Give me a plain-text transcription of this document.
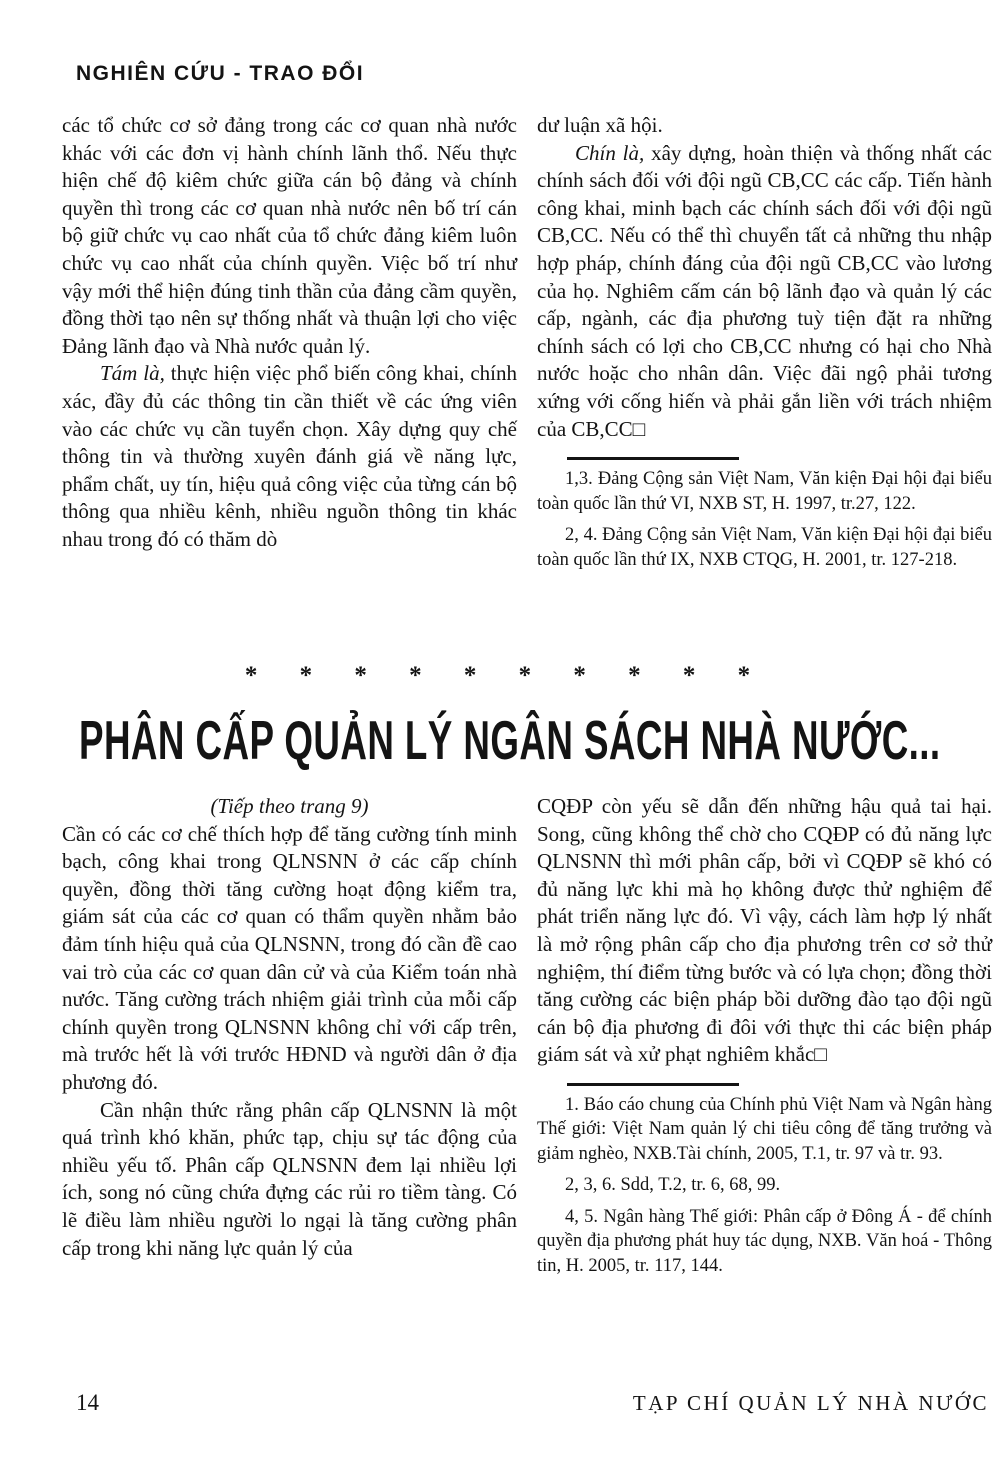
NGHIÊN CỨU - TRAO ĐỔI

các tổ chức cơ sở đảng trong các cơ quan nhà nước khác với các đơn vị hành chính lãnh thổ. Nếu thực hiện chế độ kiêm chức giữa cán bộ đảng và chính quyền thì trong các cơ quan nhà nước nên bố trí cán bộ giữ chức vụ cao nhất của tổ chức đảng kiêm luôn chức vụ cao nhất của chính quyền. Việc bố trí như vậy mới thể hiện đúng tinh thần của đảng cầm quyền, đồng thời tạo nên sự thống nhất và thuận lợi cho việc Đảng lãnh đạo và Nhà nước quản lý.

Tám là, thực hiện việc phổ biến công khai, chính xác, đầy đủ các thông tin cần thiết về các ứng viên vào các chức vụ cần tuyển chọn. Xây dựng quy chế thông tin và thường xuyên đánh giá về năng lực, phẩm chất, uy tín, hiệu quả công việc của từng cán bộ thông qua nhiều kênh, nhiều nguồn thông tin khác nhau trong đó có thăm dò

dư luận xã hội.

Chín là, xây dựng, hoàn thiện và thống nhất các chính sách đối với đội ngũ CB,CC các cấp. Tiến hành công khai, minh bạch các chính sách đối với đội ngũ CB,CC. Nếu có thể thì chuyển tất cả những thu nhập hợp pháp, chính đáng của đội ngũ CB,CC vào lương của họ. Nghiêm cấm cán bộ lãnh đạo và quản lý các cấp, ngành, các địa phương tuỳ tiện đặt ra những chính sách có lợi cho CB,CC nhưng có hại cho Nhà nước hoặc cho nhân dân. Việc đãi ngộ phải tương xứng với cống hiến và phải gắn liền với trách nhiệm của CB,CC□

1,3. Đảng Cộng sản Việt Nam, Văn kiện Đại hội đại biểu toàn quốc lần thứ VI, NXB ST, H. 1997, tr.27, 122.

2, 4. Đảng Cộng sản Việt Nam, Văn kiện Đại hội đại biểu toàn quốc lần thứ IX, NXB CTQG, H. 2001, tr. 127-218.

* * * * * * * * * *
PHÂN CẤP QUẢN LÝ NGÂN SÁCH NHÀ NƯỚC...

(Tiếp theo trang 9)

Cần có các cơ chế thích hợp để tăng cường tính minh bạch, công khai trong QLNSNN ở các cấp chính quyền, đồng thời tăng cường hoạt động kiểm tra, giám sát của các cơ quan có thẩm quyền nhằm bảo đảm tính hiệu quả của QLNSNN, trong đó cần đề cao vai trò của các cơ quan dân cử và của Kiểm toán nhà nước. Tăng cường trách nhiệm giải trình của mỗi cấp chính quyền trong QLNSNN không chỉ với cấp trên, mà trước hết là với trước HĐND và người dân ở địa phương đó.

Cần nhận thức rằng phân cấp QLNSNN là một quá trình khó khăn, phức tạp, chịu sự tác động của nhiều yếu tố. Phân cấp QLNSNN đem lại nhiều lợi ích, song nó cũng chứa đựng các rủi ro tiềm tàng. Có lẽ điều làm nhiều người lo ngại là tăng cường phân cấp trong khi năng lực quản lý của

CQĐP còn yếu sẽ dẫn đến những hậu quả tai hại. Song, cũng không thể chờ cho CQĐP có đủ năng lực QLNSNN thì mới phân cấp, bởi vì CQĐP sẽ khó có đủ năng lực khi mà họ không được thử nghiệm để phát triển năng lực đó. Vì vậy, cách làm hợp lý nhất là mở rộng phân cấp cho địa phương trên cơ sở thử nghiệm, thí điểm từng bước và có lựa chọn; đồng thời tăng cường các biện pháp bồi dưỡng đào tạo đội ngũ cán bộ địa phương đi đôi với thực thi các biện pháp giám sát và xử phạt nghiêm khắc□

1. Báo cáo chung của Chính phủ Việt Nam và Ngân hàng Thế giới: Việt Nam quản lý chi tiêu công để tăng trưởng và giảm nghèo, NXB.Tài chính, 2005, T.1, tr. 97 và tr. 93.

2, 3, 6. Sdd, T.2, tr. 6, 68, 99.

4, 5. Ngân hàng Thế giới: Phân cấp ở Đông Á - để chính quyền địa phương phát huy tác dụng, NXB. Văn hoá - Thông tin, H. 2005, tr. 117, 144.

14	TẠP CHÍ QUẢN LÝ NHÀ NƯỚC
